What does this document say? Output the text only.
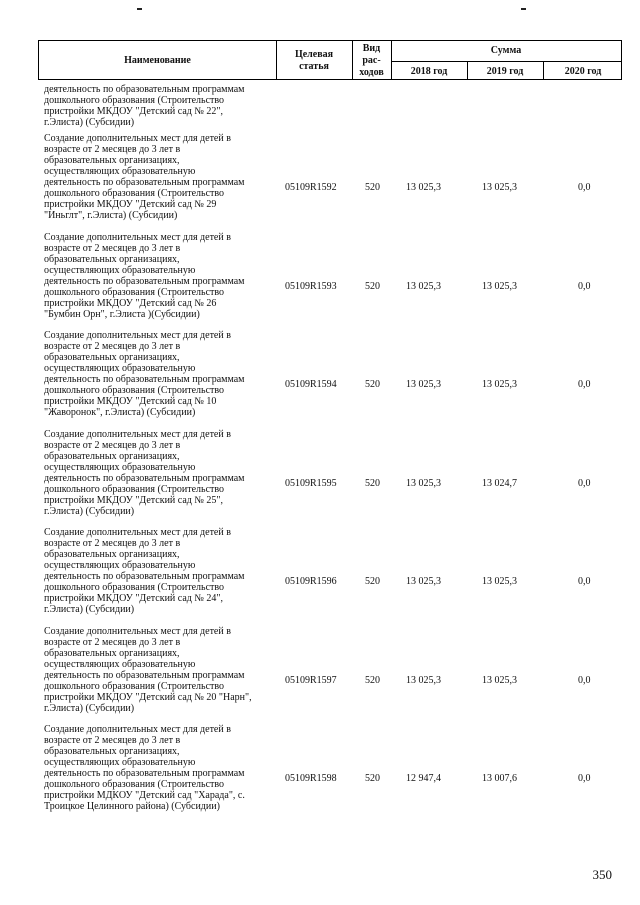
Наименование
Целевая
статья
Вид
рас-
ходов
Сумма
2018 год	2019 год	2020 год
деятельность по образовательным программам
дошкольного образования (Строительство
пристройки МКДОУ "Детский сад № 22",
г.Элиста) (Субсидии)
Создание дополнительных мест для детей в
возрасте от 2 месяцев до 3 лет в
образовательных организациях,
осуществляющих образовательную
деятельность по образовательным программам
дошкольного образования (Строительство
пристройки МКДОУ "Детский сад № 29
"Иньглт", г.Элиста) (Субсидии)
05109R1592	520	13 025,3	13 025,3	0,0
Создание дополнительных мест для детей в
возрасте от 2 месяцев до 3 лет в
образовательных организациях,
осуществляющих образовательную
деятельность по образовательным программам
дошкольного образования (Строительство
пристройки МКДОУ "Детский сад № 26
"Бумбин Орн", г.Элиста )(Субсидии)
05109R1593	520	13 025,3	13 025,3	0,0
Создание дополнительных мест для детей в
возрасте от 2 месяцев до 3 лет в
образовательных организациях,
осуществляющих образовательную
деятельность по образовательным программам
дошкольного образования (Строительство
пристройки МКДОУ "Детский сад № 10
"Жаворонок", г.Элиста) (Субсидии)
05109R1594	520	13 025,3	13 025,3	0,0
Создание дополнительных мест для детей в
возрасте от 2 месяцев до 3 лет в
образовательных организациях,
осуществляющих образовательную
деятельность по образовательным программам
дошкольного образования (Строительство
пристройки МКДОУ "Детский сад № 25",
г.Элиста) (Субсидии)
05109R1595	520	13 025,3	13 024,7	0,0
Создание дополнительных мест для детей в
возрасте от 2 месяцев до 3 лет в
образовательных организациях,
осуществляющих образовательную
деятельность по образовательным программам
дошкольного образования (Строительство
пристройки МКДОУ "Детский сад № 24",
г.Элиста) (Субсидии)
05109R1596	520	13 025,3	13 025,3	0,0
Создание дополнительных мест для детей в
возрасте от 2 месяцев до 3 лет в
образовательных организациях,
осуществляющих образовательную
деятельность по образовательным программам
дошкольного образования (Строительство
пристройки МКДОУ "Детский сад № 20 "Нарн",
г.Элиста) (Субсидии)
05109R1597	520	13 025,3	13 025,3	0,0
Создание дополнительных мест для детей в
возрасте от 2 месяцев до 3 лет в
образовательных организациях,
осуществляющих образовательную
деятельность по образовательным программам
дошкольного образования (Строительство
пристройки МДКОУ "Детский сад "Харада", с.
Троицкое Целинного района) (Субсидии)
05109R1598	520	12 947,4	13 007,6	0,0
350
